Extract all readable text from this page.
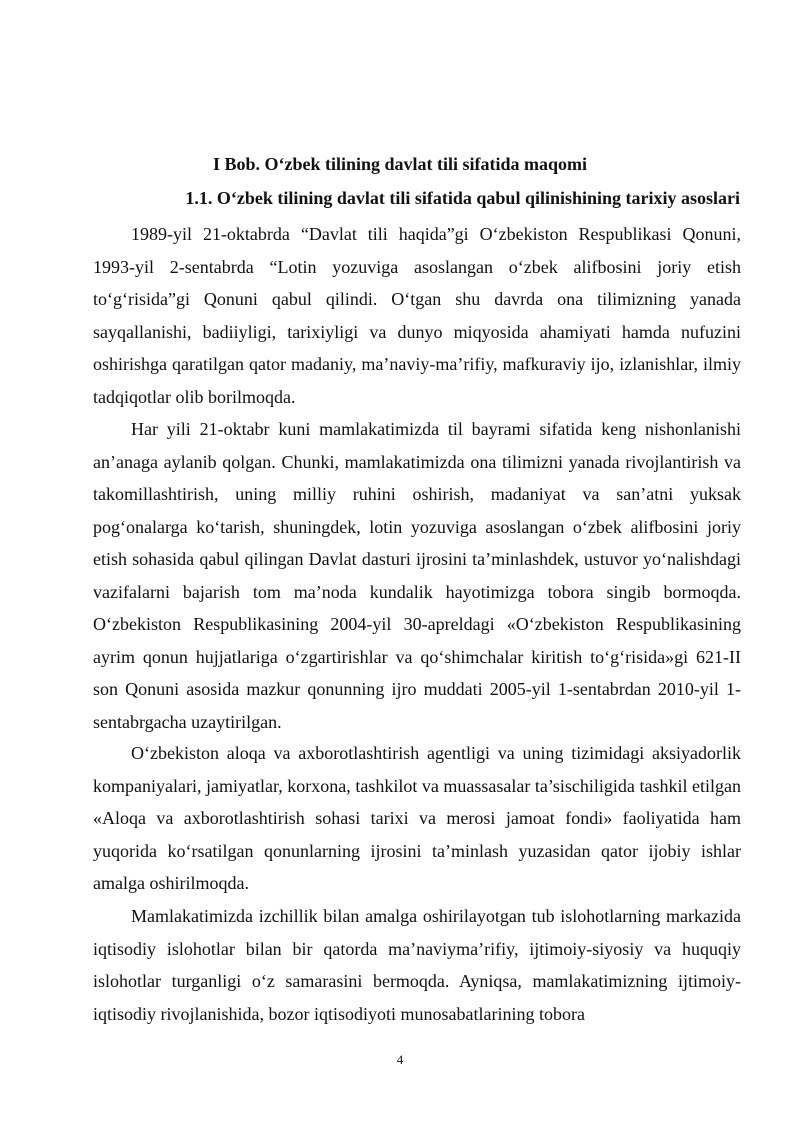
I Bob. O‘zbek tilining davlat tili sifatida maqomi
1.1. O‘zbek tilining davlat tili sifatida qabul qilinishining tarixiy asoslari

1989-yil 21-oktabrda “Davlat tili haqida”gi O‘zbekiston Respublikasi Qonuni, 1993-yil 2-sentabrda “Lotin yozuviga asoslangan o‘zbek alifbosini joriy etish to‘g‘risida”gi Qonuni qabul qilindi. O‘tgan shu davrda ona tilimizning yanada sayqallanishi, badiiyligi, tarixiyligi va dunyo miqyosida ahamiyati hamda nufuzini oshirishga qaratilgan qator madaniy, ma’naviy-ma’rifiy, mafkuraviy ijo, izlanishlar, ilmiy tadqiqotlar olib borilmoqda.

Har yili 21-oktabr kuni mamlakatimizda til bayrami sifatida keng nishonlanishi an’anaga aylanib qolgan. Chunki, mamlakatimizda ona tilimizni yanada rivojlantirish va takomillashtirish, uning milliy ruhini oshirish, madaniyat va san’atni yuksak pog‘onalarga ko‘tarish, shuningdek, lotin yozuviga asoslangan o‘zbek alifbosini joriy etish sohasida qabul qilingan Davlat dasturi ijrosini ta’minlashdek, ustuvor yo‘nalishdagi vazifalarni bajarish tom ma’noda kundalik hayotimizga tobora singib bormoqda. O‘zbekiston Respublikasining 2004-yil 30-apreldagi «O‘zbekiston Respublikasining ayrim qonun hujjatlariga o‘zgartirishlar va qo‘shimchalar kiritish to‘g‘risida»gi 621-II son Qonuni asosida mazkur qonunning ijro muddati 2005-yil 1-sentabrdan 2010-yil 1-sentabrgacha uzaytirilgan.

O‘zbekiston aloqa va axborotlashtirish agentligi va uning tizimidagi aksiyadorlik kompaniyalari, jamiyatlar, korxona, tashkilot va muassasalar ta’sischiligida tashkil etilgan «Aloqa va axborotlashtirish sohasi tarixi va merosi jamoat fondi» faoliyatida ham yuqorida ko‘rsatilgan qonunlarning ijrosini ta’minlash yuzasidan qator ijobiy ishlar amalga oshirilmoqda.

Mamlakatimizda izchillik bilan amalga oshirilayotgan tub islohotlarning markazida iqtisodiy islohotlar bilan bir qatorda ma’naviyma’rifiy, ijtimoiy-siyosiy va huquqiy islohotlar turganligi o‘z samarasini bermoqda. Ayniqsa, mamlakatimizning ijtimoiy-iqtisodiy rivojlanishida, bozor iqtisodiyoti munosabatlarining tobora

4
